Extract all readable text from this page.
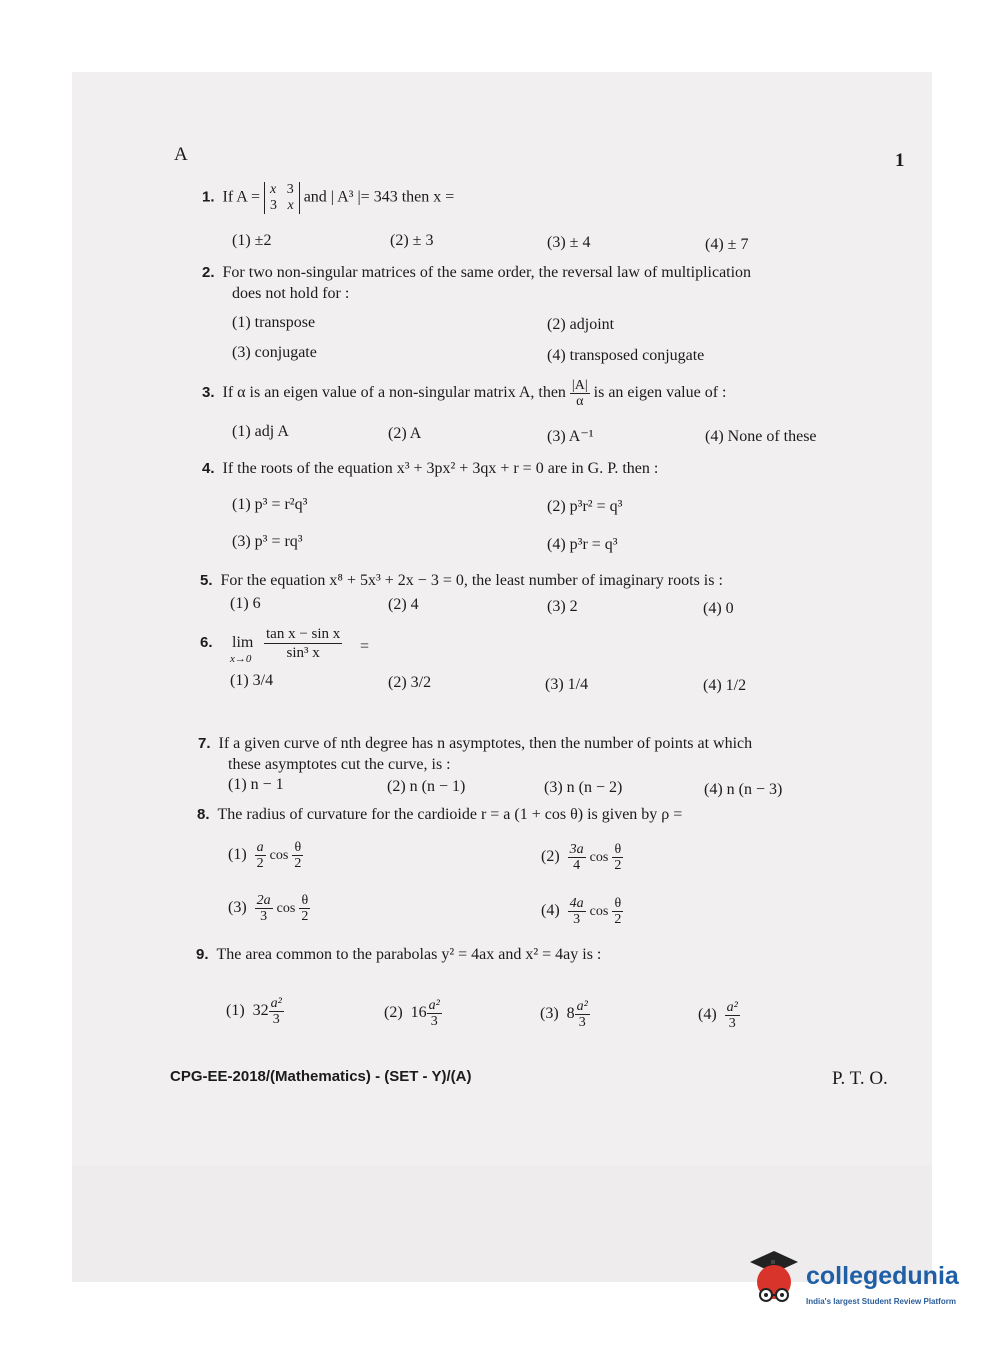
A	1
1. If A = x 3
3 x and | A³ |= 343 then x =
(1) ±2	(2) ± 3	(3) ± 4	(4) ± 7
2. For two non-singular matrices of the same order, the reversal law of multiplication
does not hold for :
(1) transpose	(2) adjoint
(3) conjugate	(4) transposed conjugate
3. If α is an eigen value of a non-singular matrix A, then $\frac{|A|}{\alpha}$ is an eigen value of :
(1) adj A	(2) A	(3) A⁻¹	(4) None of these
4. If the roots of the equation x³ + 3px² + 3qx + r = 0 are in G. P. then :
(1) p³ = r²q³	(2) p³r² = q³
(3) p³ = rq³	(4) p³r = q³
5. For the equation x⁸ + 5x³ + 2x − 3 = 0, the least number of imaginary roots is :
(1) 6	(2) 4	(3) 2	(4) 0
6. lim
$x\to 0 \frac{\text{tan x − sin x}}{\text{sin³ x}}$ =
(1) 3/4	(2) 3/2	(3) 1/4	(4) 1/2
7. If a given curve of nth degree has n asymptotes, then the number of points at which
these asymptotes cut the curve, is :
(1) n − 1	(2) n (n − 1)	(3) n (n − 2)	(4) n (n − 3)
8. The radius of curvature for the cardioide r = a (1 + cos θ) is given by ρ =
$(1) \frac{a}{2}$ $\cos \frac{\theta}{2}$	$(2) \frac{3a}{4}$ $\cos \frac{\theta}{2}$
$(3) \frac{2a}{3}$ $\cos \frac{\theta}{2}$	$(4) \frac{4a}{3}$ $\cos \frac{\theta}{2}$
9. The area common to the parabolas y² = 4ax and x² = 4ay is :
(1) $32 \frac{\text{a²}}{3}$	(2) $16 \frac{\text{a²}}{3}$	(3) $8 \frac{\text{a²}}{3}$	$(4) \frac{\text{a²}}{3}$
CPG-EE-2018/(Mathematics) - (SET - Y)/(A)	P. T. O.
collegedunia
India's largest Student Review Platform
